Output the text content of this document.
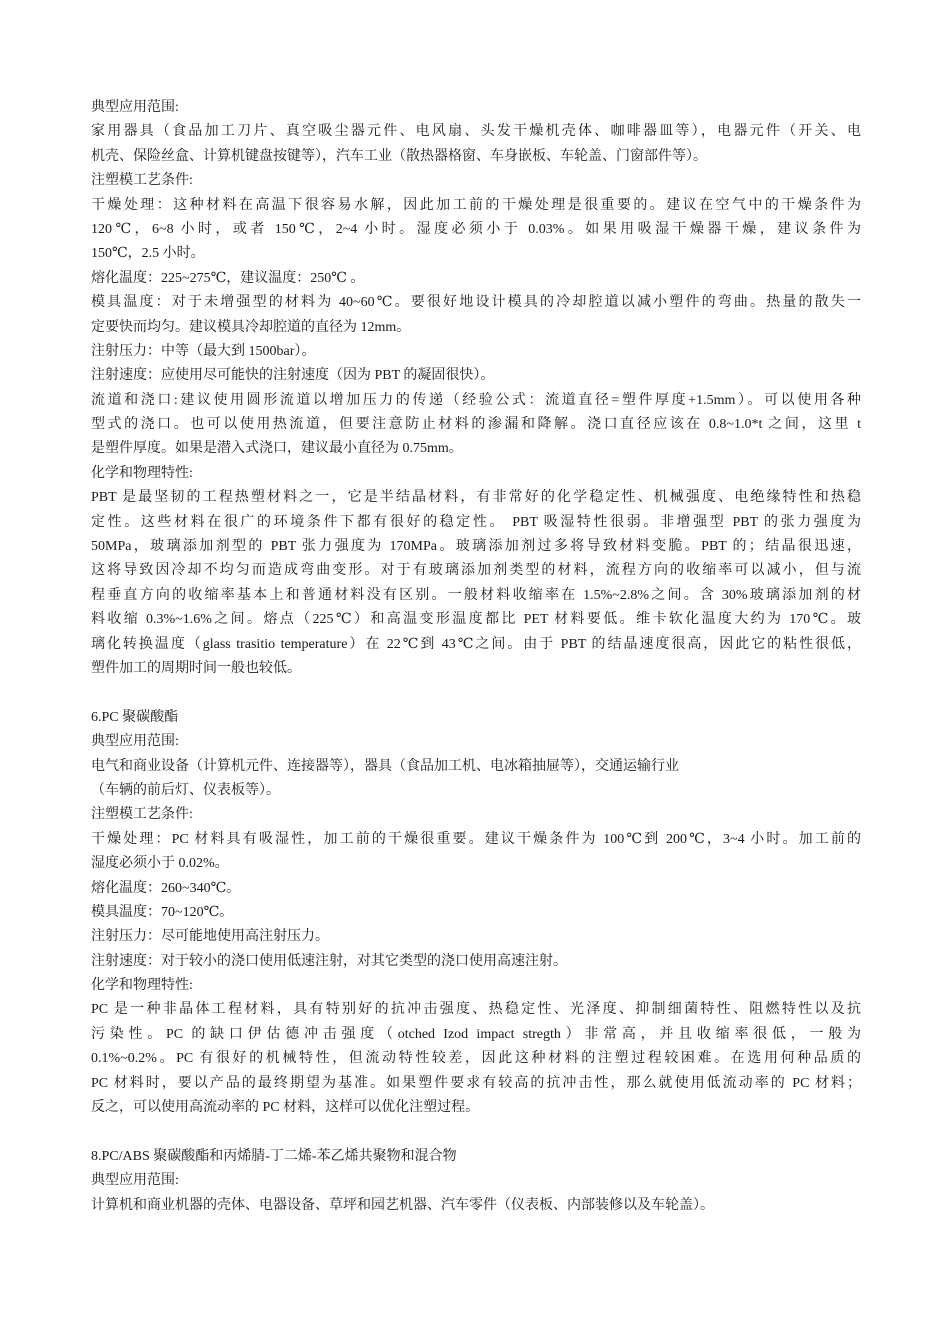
典型应用范围:
家用器具（食品加工刀片、真空吸尘器元件、电风扇、头发干燥机壳体、咖啡器皿等），电器元件（开关、电
机壳、保险丝盒、计算机键盘按键等），汽车工业（散热器格窗、车身嵌板、车轮盖、门窗部件等）。
注塑模工艺条件:
干燥处理：这种材料在高温下很容易水解，因此加工前的干燥处理是很重要的。建议在空气中的干燥条件为
120℃，6~8 小时，或者 150℃，2~4 小时。湿度必须小于 0.03%。如果用吸湿干燥器干燥，建议条件为
150℃，2.5 小时。
熔化温度：225~275℃，建议温度：250℃ 。
模具温度：对于未增强型的材料为 40~60℃。要很好地设计模具的冷却腔道以减小塑件的弯曲。热量的散失一
定要快而均匀。建议模具冷却腔道的直径为 12mm。
注射压力：中等（最大到 1500bar）。
注射速度：应使用尽可能快的注射速度（因为 PBT 的凝固很快）。
流道和浇口:建议使用圆形流道以增加压力的传递（经验公式：流道直径=塑件厚度+1.5mm）。可以使用各种
型式的浇口。也可以使用热流道，但要注意防止材料的渗漏和降解。浇口直径应该在 0.8~1.0*t 之间，这里 t
是塑件厚度。如果是潜入式浇口，建议最小直径为 0.75mm。
化学和物理特性:
PBT 是最坚韧的工程热塑材料之一，它是半结晶材料，有非常好的化学稳定性、机械强度、电绝缘特性和热稳
定性。这些材料在很广的环境条件下都有很好的稳定性。 PBT 吸湿特性很弱。非增强型 PBT 的张力强度为
50MPa，玻璃添加剂型的 PBT 张力强度为 170MPa。玻璃添加剂过多将导致材料变脆。PBT 的；结晶很迅速，
这将导致因冷却不均匀而造成弯曲变形。对于有玻璃添加剂类型的材料，流程方向的收缩率可以减小，但与流
程垂直方向的收缩率基本上和普通材料没有区别。一般材料收缩率在 1.5%~2.8%之间。含 30%玻璃添加剂的材
料收缩 0.3%~1.6%之间。熔点（225℃）和高温变形温度都比 PET 材料要低。维卡软化温度大约为 170℃。玻
璃化转换温度（glass trasitio temperature）在 22℃到 43℃之间。由于 PBT 的结晶速度很高，因此它的粘性很低，
塑件加工的周期时间一般也较低。
6.PC 聚碳酸酯
典型应用范围:
电气和商业设备（计算机元件、连接器等），器具（食品加工机、电冰箱抽屉等），交通运输行业
（车辆的前后灯、仪表板等）。
注塑模工艺条件:
干燥处理：PC 材料具有吸湿性，加工前的干燥很重要。建议干燥条件为 100℃到 200℃，3~4 小时。加工前的
湿度必须小于 0.02%。
熔化温度：260~340℃。
模具温度：70~120℃。
注射压力：尽可能地使用高注射压力。
注射速度：对于较小的浇口使用低速注射，对其它类型的浇口使用高速注射。
化学和物理特性:
PC 是一种非晶体工程材料，具有特别好的抗冲击强度、热稳定性、光泽度、抑制细菌特性、阻燃特性以及抗
污染性。PC 的缺口伊估德冲击强度（otched Izod impact stregth）非常高，并且收缩率很低，一般为
0.1%~0.2%。PC 有很好的机械特性，但流动特性较差，因此这种材料的注塑过程较困难。在选用何种品质的
PC 材料时，要以产品的最终期望为基准。如果塑件要求有较高的抗冲击性，那么就使用低流动率的 PC 材料；
反之，可以使用高流动率的 PC 材料，这样可以优化注塑过程。
8.PC/ABS 聚碳酸酯和丙烯腈-丁二烯-苯乙烯共聚物和混合物
典型应用范围:
计算机和商业机器的壳体、电器设备、草坪和园艺机器、汽车零件（仪表板、内部装修以及车轮盖）。
